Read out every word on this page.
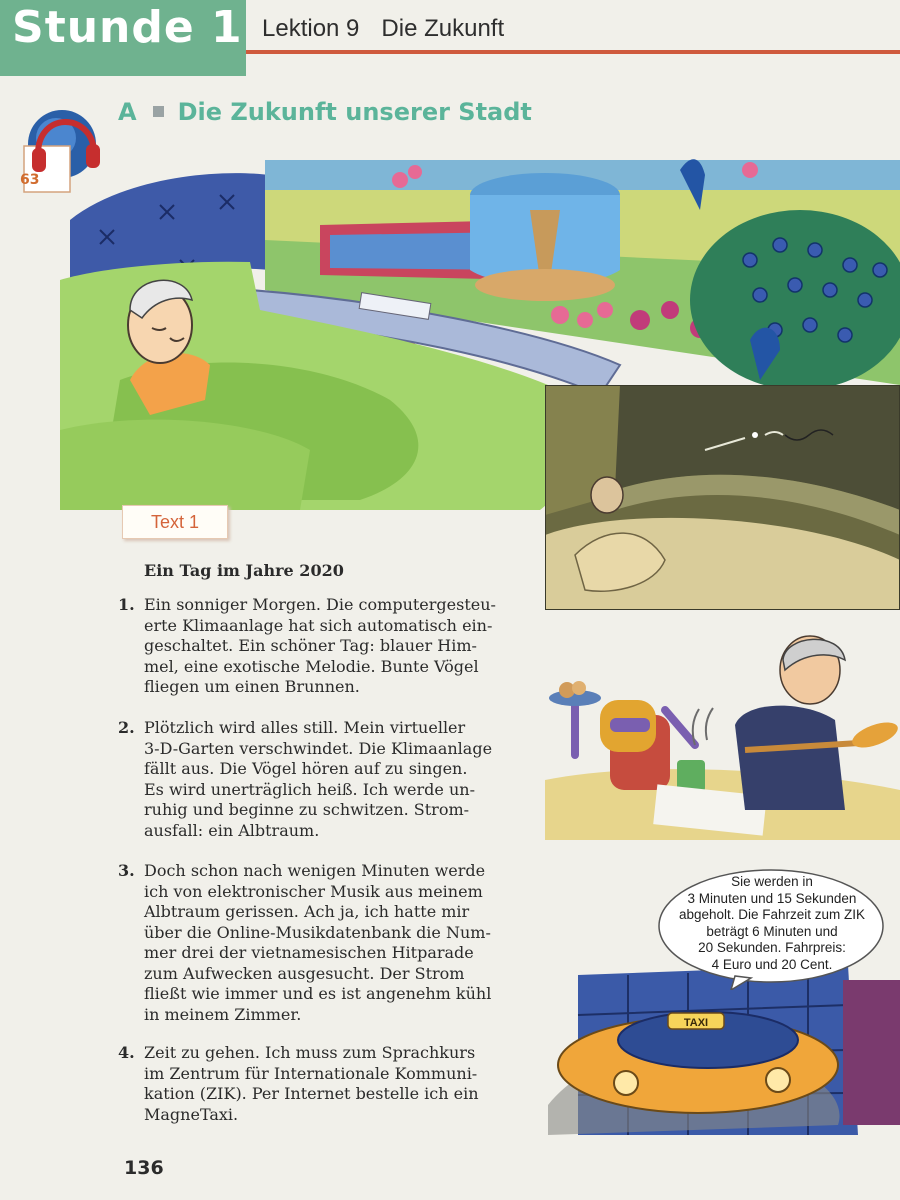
Stunde 1 Lektion 9 Die Zukunft
63
A Die Zukunft unserer Stadt
TAXI
Sie werden in
3 Minuten und 15 Sekunden
abgeholt. Die Fahrzeit zum ZIK
beträgt 6 Minuten und
20 Sekunden. Fahrpreis:
4 Euro und 20 Cent.
Text 1
Ein Tag im Jahre 2020
1. Ein sonniger Morgen. Die computergesteu-
erte Klimaanlage hat sich automatisch ein-
geschaltet. Ein schöner Tag: blauer Him-
mel, eine exotische Melodie. Bunte Vögel
fliegen um einen Brunnen.
2. Plötzlich wird alles still. Mein virtueller
3-D-Garten verschwindet. Die Klimaanlage
fällt aus. Die Vögel hören auf zu singen.
Es wird unerträglich heiß. Ich werde un-
ruhig und beginne zu schwitzen. Strom-
ausfall: ein Albtraum.
3. Doch schon nach wenigen Minuten werde
ich von elektronischer Musik aus meinem
Albtraum gerissen. Ach ja, ich hatte mir
über die Online-Musikdatenbank die Num-
mer drei der vietnamesischen Hitparade
zum Aufwecken ausgesucht. Der Strom
fließt wie immer und es ist angenehm kühl
in meinem Zimmer.
4. Zeit zu gehen. Ich muss zum Sprachkurs
im Zentrum für Internationale Kommuni-
kation (ZIK). Per Internet bestelle ich ein
MagneTaxi.
136
